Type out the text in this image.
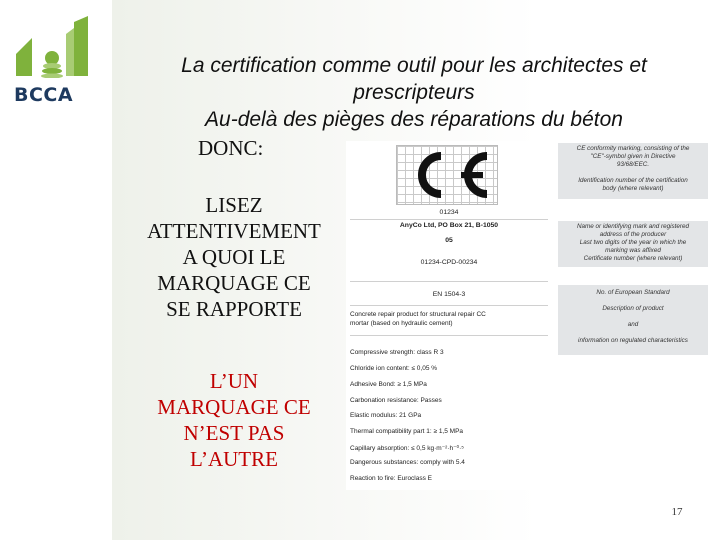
BCCA
La certification comme outil pour les architectes et
prescripteurs
Au-delà des pièges des réparations du béton
DONC:
LISEZ
ATTENTIVEMENT
A QUOI LE
MARQUAGE CE
SE RAPPORTE
L’UN
MARQUAGE CE
N’EST PAS
L’AUTRE
01234
AnyCo Ltd, PO Box 21, B-1050
05
01234-CPD-00234
EN 1504-3
Concrete repair product for structural repair CC
mortar (based on hydraulic cement)
Compressive strength: class R 3
Chloride ion content: ≤ 0,05 %
Adhesive Bond: ≥ 1,5 MPa
Carbonation resistance: Passes
Elastic modulus: 21 GPa
Thermal compatibility part 1: ≥ 1,5 MPa
Capillary absorption: ≤ 0,5 kg·m⁻²·h⁻⁰·⁵
Dangerous substances: comply with 5.4
Reaction to fire: Euroclass E
CE conformity marking, consisting of the
"CE"-symbol given in Directive
93/68/EEC.

Identification number of the certification
body (where relevant)
Name or identifying mark and registered
address of the producer
Last two digits of the year in which the
marking was affixed
Certificate number (where relevant)
No. of European Standard

Description of product

and

information on regulated characteristics
17
